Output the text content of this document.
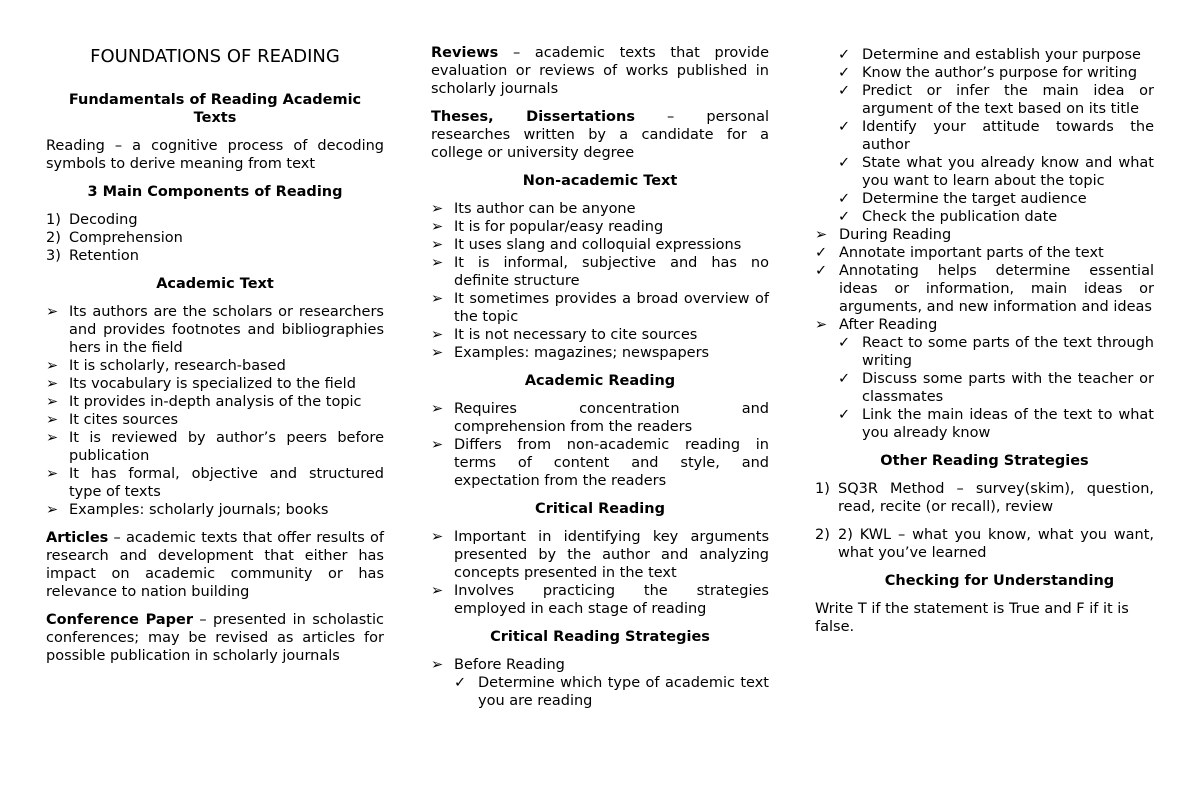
FOUNDATIONS OF READING
Fundamentals of Reading Academic Texts
Reading – a cognitive process of decoding symbols to derive meaning from text
3 Main Components of Reading
1) Decoding
2) Comprehension
3) Retention
Academic Text
➢ Its authors are the scholars or researchers and provides footnotes and bibliographies hers in the field
➢ It is scholarly, research-based
➢ Its vocabulary is specialized to the field
➢ It provides in-depth analysis of the topic
➢ It cites sources
➢ It is reviewed by author’s peers before publication
➢ It has formal, objective and structured type of texts
➢ Examples: scholarly journals; books
Articles – academic texts that offer results of research and development that either has impact on academic community or has relevance to nation building
Conference Paper – presented in scholastic conferences; may be revised as articles for possible publication in scholarly journals
Reviews – academic texts that provide evaluation or reviews of works published in scholarly journals
Theses, Dissertations – personal researches written by a candidate for a college or university degree
Non-academic Text
➢ Its author can be anyone
➢ It is for popular/easy reading
➢ It uses slang and colloquial expressions
➢ It is informal, subjective and has no definite structure
➢ It sometimes provides a broad overview of the topic
➢ It is not necessary to cite sources
➢ Examples: magazines; newspapers
Academic Reading
➢ Requires concentration and comprehension from the readers
➢ Differs from non-academic reading in terms of content and style, and expectation from the readers
Critical Reading
➢ Important in identifying key arguments presented by the author and analyzing concepts presented in the text
➢ Involves practicing the strategies employed in each stage of reading
Critical Reading Strategies
➢ Before Reading
✓ Determine which type of academic text you are reading
✓ Determine and establish your purpose
✓ Know the author’s purpose for writing
✓ Predict or infer the main idea or argument of the text based on its title
✓ Identify your attitude towards the author
✓ State what you already know and what you want to learn about the topic
✓ Determine the target audience
✓ Check the publication date
➢ During Reading
✓ Annotate important parts of the text
✓ Annotating helps determine essential ideas or information, main ideas or arguments, and new information and ideas
➢ After Reading
✓ React to some parts of the text through writing
✓ Discuss some parts with the teacher or classmates
✓ Link the main ideas of the text to what you already know
Other Reading Strategies
1) SQ3R Method – survey(skim), question, read, recite (or recall), review
2) 2) KWL – what you know, what you want, what you’ve learned
Checking for Understanding
Write T if the statement is True and F if it is false.
